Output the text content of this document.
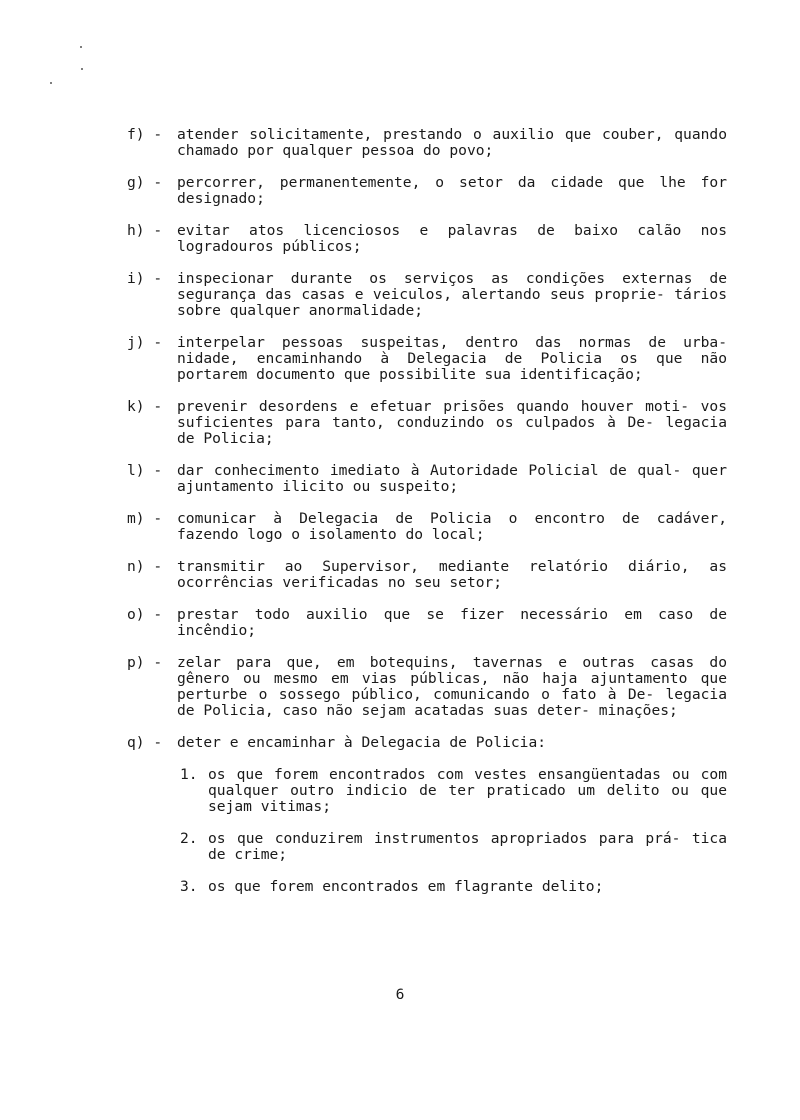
f) -	atender solicitamente, prestando o auxilio que couber, quando chamado por qualquer pessoa do povo;
g) -	percorrer, permanentemente, o setor da cidade que lhe for designado;
h) -	evitar atos licenciosos e palavras de baixo calão nos logradouros públicos;
i) -	inspecionar durante os serviços as condições externas de segurança das casas e veiculos, alertando seus proprie- tários sobre qualquer anormalidade;
j) -	interpelar pessoas suspeitas, dentro das normas de urba- nidade, encaminhando à Delegacia de Policia os que não portarem documento que possibilite sua identificação;
k) -	prevenir desordens e efetuar prisões quando houver moti- vos suficientes para tanto, conduzindo os culpados à De- legacia de Policia;
l) -	dar conhecimento imediato à Autoridade Policial de qual- quer ajuntamento ilicito ou suspeito;
m) -	comunicar à Delegacia de Policia o encontro de cadáver, fazendo logo o isolamento do local;
n) -	transmitir ao Supervisor, mediante relatório diário, as ocorrências verificadas no seu setor;
o) -	prestar todo auxilio que se fizer necessário em caso de incêndio;
p) -	zelar para que, em botequins, tavernas e outras casas do gênero ou mesmo em vias públicas, não haja ajuntamento que perturbe o sossego público, comunicando o fato à De- legacia de Policia, caso não sejam acatadas suas deter- minações;
q) -	deter e encaminhar à Delegacia de Policia:
1. os que forem encontrados com vestes ensangüentadas ou com qualquer outro indicio de ter praticado um delito ou que sejam vitimas;
2. os que conduzirem instrumentos apropriados para prá- tica de crime;
3. os que forem encontrados em flagrante delito;
6
